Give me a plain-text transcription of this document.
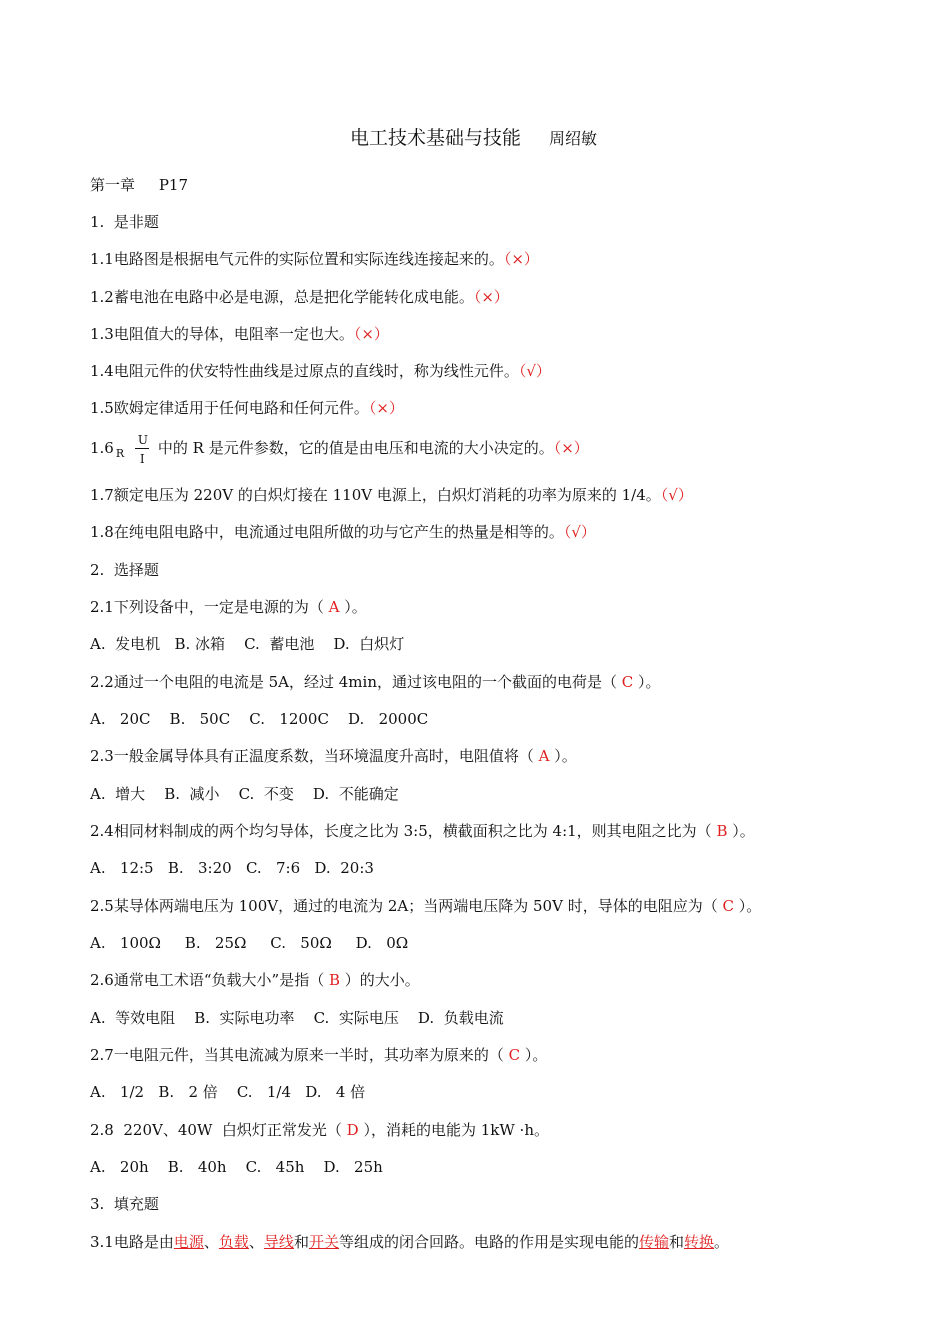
电工技术基础与技能 周绍敏
第一章     P17
1.  是非题
1.1电路图是根据电气元件的实际位置和实际连线连接起来的。（×）
1.2蓄电池在电路中必是电源，总是把化学能转化成电能。（×）
1.3电阻值大的导体，电阻率一定也大。（×）
1.4电阻元件的伏安特性曲线是过原点的直线时，称为线性元件。（√）
1.5欧姆定律适用于任何电路和任何元件。（×）
1.6 R
U
I
中的 R 是元件参数，它的值是由电压和电流的大小决定的。（×）
1.7额定电压为 220V 的白炽灯接在 110V 电源上，白炽灯消耗的功率为原来的 1/4。（√）
1.8在纯电阻电路中，电流通过电阻所做的功与它产生的热量是相等的。（√）
2.  选择题
2.1下列设备中，一定是电源的为（ A ）。
A.  发电机   B. 冰箱    C.  蓄电池    D.  白炽灯
2.2通过一个电阻的电流是 5A，经过 4min，通过该电阻的一个截面的电荷是（ C ）。
A.   20C    B.   50C    C.   1200C    D.   2000C
2.3一般金属导体具有正温度系数，当环境温度升高时，电阻值将（ A ）。
A.  增大    B.  减小    C.  不变    D.  不能确定
2.4相同材料制成的两个均匀导体，长度之比为 3:5，横截面积之比为 4:1，则其电阻之比为（ B ）。
A.   12:5   B.   3:20   C.   7:6   D.  20:3
2.5某导体两端电压为 100V，通过的电流为 2A；当两端电压降为 50V 时，导体的电阻应为（ C ）。
A.   100Ω     B.   25Ω     C.   50Ω     D.   0Ω
2.6通常电工术语“负载大小”是指（ B ）的大小。
A.  等效电阻    B.  实际电功率    C.  实际电压    D.  负载电流
2.7一电阻元件，当其电流减为原来一半时，其功率为原来的（ C ）。
A.   1/2   B.   2 倍    C.   1/4   D.   4 倍
2.8  220V、40W  白炽灯正常发光（ D ），消耗的电能为 1kW ·h。
A.   20h    B.   40h    C.   45h    D.   25h
3.  填充题
3.1电路是由电源、负载、导线和开关等组成的闭合回路。电路的作用是实现电能的传输和转换。
